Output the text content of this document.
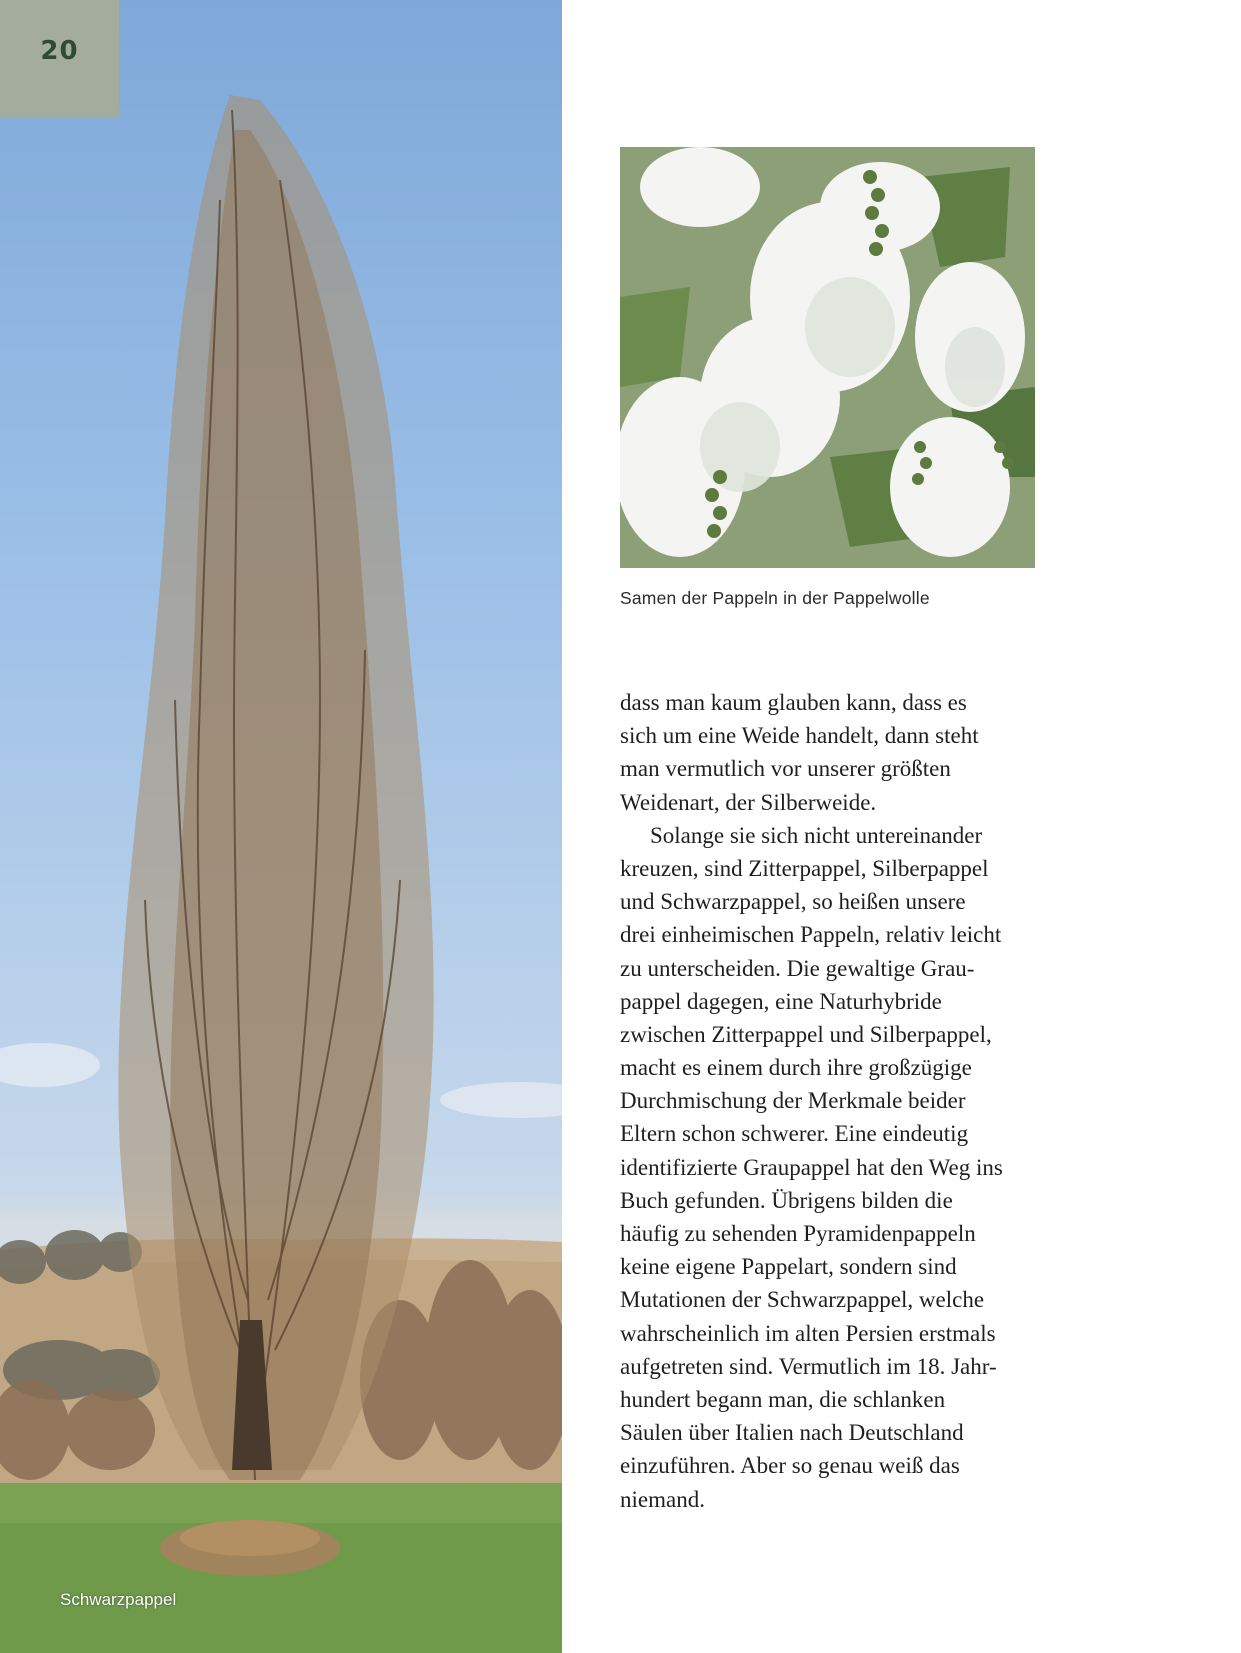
Schwarzpappel
20
Samen der Pappeln in der Pappelwolle
dass man kaum glauben kann, dass es
sich um eine Weide handelt, dann steht
man vermutlich vor unserer größten
Weidenart, der Silberweide.
Solange sie sich nicht untereinander
kreuzen, sind Zitterpappel, Silberpappel
und Schwarzpappel, so heißen unsere
drei einheimischen Pappeln, relativ leicht
zu unterscheiden. Die gewaltige Grau-
pappel dagegen, eine Naturhybride
zwischen Zitterpappel und Silberpappel,
macht es einem durch ihre großzügige
Durchmischung der Merkmale beider
Eltern schon schwerer. Eine eindeutig
identifizierte Graupappel hat den Weg ins
Buch gefunden. Übrigens bilden die
häufig zu sehenden Pyramidenpappeln
keine eigene Pappelart, sondern sind
Mutationen der Schwarzpappel, welche
wahrscheinlich im alten Persien erstmals
aufgetreten sind. Vermutlich im 18. Jahr-
hundert begann man, die schlanken
Säulen über Italien nach Deutschland
einzuführen. Aber so genau weiß das
niemand.
